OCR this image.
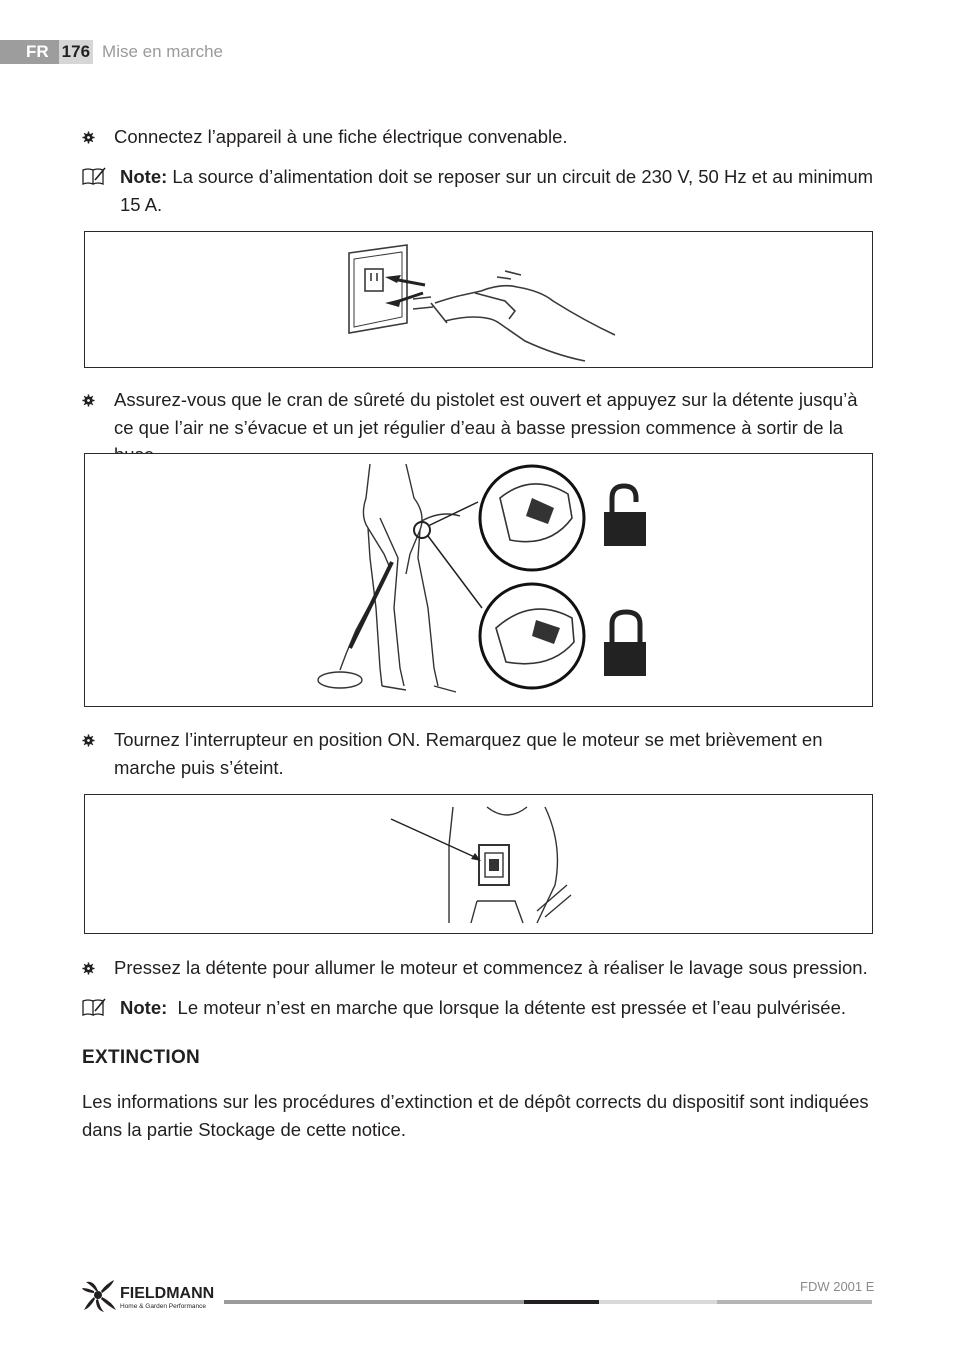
FR 176 Mise en marche
Connectez l’appareil à une fiche électrique convenable.
Note: La source d’alimentation doit se reposer sur un circuit de 230 V, 50 Hz et au minimum 15 A.
Assurez-vous que le cran de sûreté du pistolet est ouvert et appuyez sur la détente jusqu’à ce que l’air ne s’évacue et un jet régulier d’eau à basse pression commence à sortir de la
Tournez l’interrupteur en position ON. Remarquez que le moteur se met brièvement en marche puis s’éteint.
Pressez la détente pour allumer le moteur et commencez à réaliser le lavage sous pression.
Note:  Le moteur n’est en marche que lorsque la détente est pressée et l’eau pulvérisée.
EXTINCTION
Les informations sur les procédures d’extinction et de dépôt corrects du dispositif sont indiquées dans la partie Stockage de cette notice.
FIELDMANN
Home & Garden Performance
FDW 2001 E
